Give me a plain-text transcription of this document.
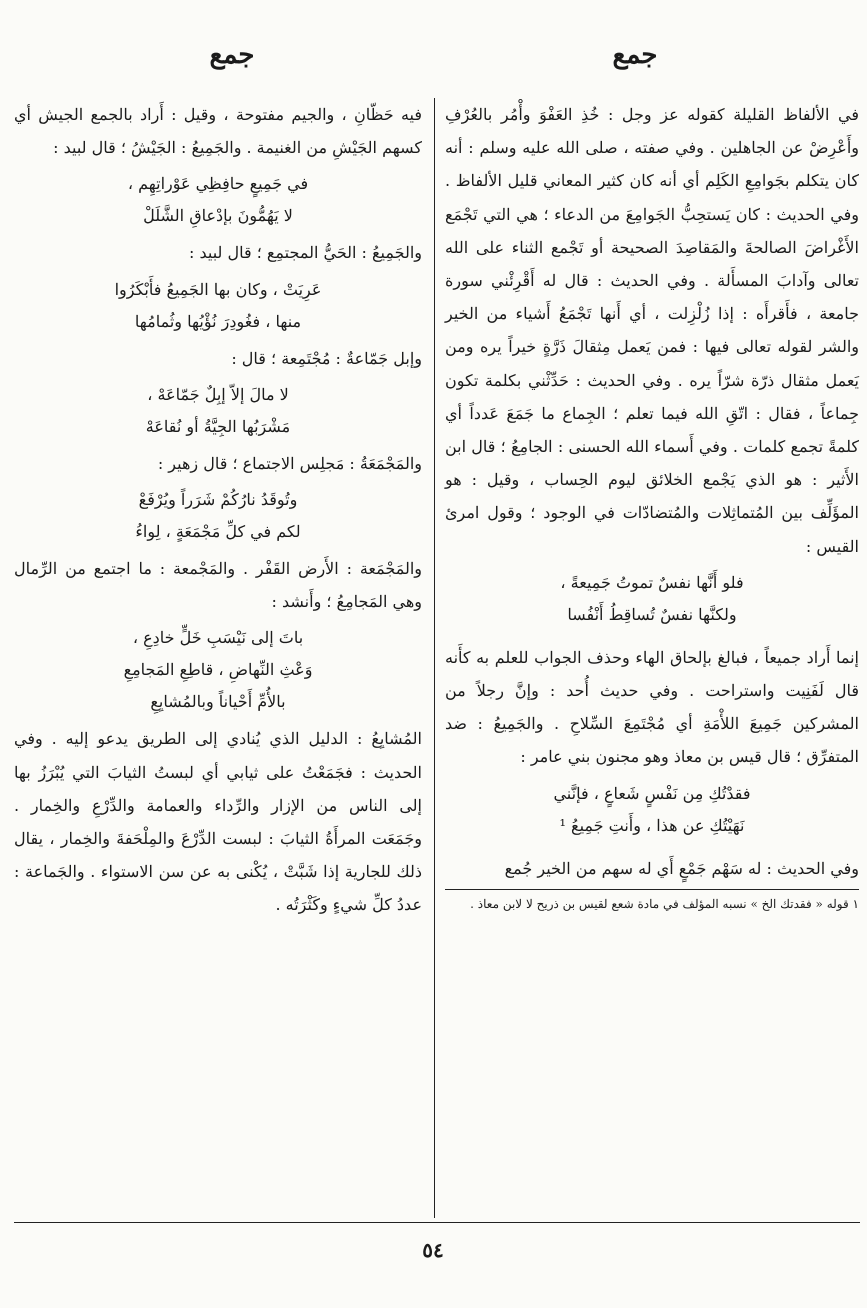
جمع
جمع

في الألفاظ القليلة كقوله عز وجل : خُذِ العَفْوَ وأْمُر بالعُرْفِ وأَعْرِضْ عن الجاهلين . وفي صفته ، صلى الله عليه وسلم : أنه كان يتكلم بجَوامِعِ الكَلِم أي أنه كان كثير المعاني قليل الألفاظ . وفي الحديث : كان يَستحِبُّ الجَوامِعَ من الدعاء ؛ هي التي تَجْمَع الأَغْراضَ الصالحةَ والمَقاصِدَ الصحيحة أو تَجْمع الثناء على الله تعالى وآدابَ المسأَلة . وفي الحديث : قال له أَقْرِئْني سورة جامعة ، فأَقرأَه : إذا زُلْزِلت ، أي أَنها تَجْمَعُ أَشياء من الخير والشر لقوله تعالى فيها : فمن يَعمل مِثقالَ ذَرَّةٍ خيراً يره ومن يَعمل مثقال ذرّة شرّاً يره . وفي الحديث : حَدِّثْني بكلمة تكون جِماعاً ، فقال : اتّقِ الله فيما تعلم ؛ الجِماع ما جَمَعَ عَدداً أي كلمةً تجمع كلمات . وفي أَسماء الله الحسنى : الجامِعُ ؛ قال ابن الأَثير : هو الذي يَجْمع الخلائق ليوم الحِساب ، وقيل : هو المؤَلِّف بين المُتماثِلات والمُتضادّات في الوجود ؛ وقول امرئ القيس :

فلو أَنَّها نفسٌ تموتُ جَمِيعةً ،
ولكنَّها نفسٌ تُساقِطُ أَنْفُسا

إنما أَراد جميعاً ، فبالغ بإلحاق الهاء وحذف الجواب للعلم به كأَنه قال لَفَنِيت واستراحت . وفي حديث أُحد : وإنَّ رجلاً من المشركين جَمِيعَ اللأْمَةِ أي مُجْتَمِعَ السِّلاحِ . والجَمِيعُ : ضد المتفرِّق ؛ قال قيس بن معاذ وهو مجنون بني عامر :

فقدْتُكِ مِن نَفْسٍ شَعاعٍ ، فإنَّني
نَهَيْتُكِ عن هذا ، وأَنتِ جَمِيعُ ¹

وفي الحديث : له سَهْم جَمْعٍ أَي له سهم من الخير جُمع

١ قوله « فقدتك الخ » نسبه المؤلف في مادة شعع لقيس بن ذريح لا لابن معاذ .

فيه حَظّانِ ، والجيم مفتوحة ، وقيل : أَراد بالجمع الجيش أي كسهم الجَيْشِ من الغنيمة . والجَمِيعُ : الجَيْشُ ؛ قال لبيد :

في جَمِيعٍ حافِظِي عَوْراتِهِم ،
لا يَهُمُّونَ بإدْعاقِ الشَّلَلْ

والجَمِيعُ : الحَيُّ المجتمِع ؛ قال لبيد :

عَرِيَتْ ، وكان بها الجَمِيعُ فأَبْكَرُوا
منها ، فغُودِرَ نُؤْيُها وثُمامُها

وإبل جَمّاعةٌ : مُجْتَمِعة ؛ قال :

لا مالَ إلاّ إبِلٌ جَمّاعَهْ ،
مَشْرَبُها الجِيَّةُ أو نُقاعَهْ

والمَجْمَعَةُ : مَجلِس الاجتماع ؛ قال زهير :

وتُوقَدُ نارُكُمْ شَرَراً ويُرْفَعْ
لكم في كلِّ مَجْمَعَةٍ ، لِواءُ

والمَجْمَعة : الأَرض القَفْر . والمَجْمعة : ما اجتمع من الرِّمال وهي المَجامِعُ ؛ وأَنشد :

باتَ إلى نَيْسَبِ خَلٍّ خادِعِ ،
وَعْثِ النِّهاضِ ، قاطِعِ المَجامِعِ
بالأُمِّ أَحْياناً وبالمُشايِعِ

المُشايِعُ : الدليل الذي يُنادي إلى الطريق يدعو إليه . وفي الحديث : فجَمَعْتُ على ثيابي أي لبستُ الثيابَ التي يُبْرَزُ بها إلى الناس من الإزار والرِّداء والعمامة والدِّرْعِ والخِمار . وجَمَعَت المرأَةُ الثيابَ : لبست الدِّرْعَ والمِلْحَفةَ والخِمار ، يقال ذلك للجارية إذا شَبَّتْ ، يُكْنى به عن سن الاستواء . والجَماعة : عددُ كلِّ شيءٍ وكَثْرَتُه .

٥٤
